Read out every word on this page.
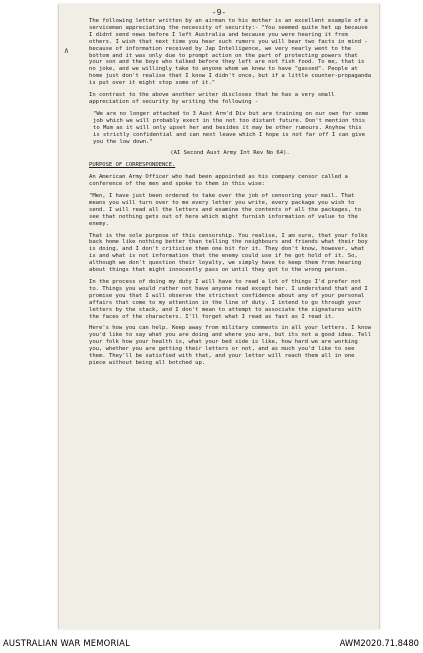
-9-
∧

The following letter written by an airman to his mother is an excellent example of a serviceman appreciating the necessity of security:- "You seemed quite het up because I didnt send news before I left Australia and because you were hearing it from others. I wish that next time you hear such rumors you will bear two facts in mind - because of information received by Jap Intelligence, we very nearly went to the bottom and it was only due to prompt action on the part of protecting powers that your son and the boys who talked before they left are not fish food. To me, that is no joke, and we willingly take to anyone whom we knew to have "gassed". People at home just don't realise that I know I didn't once, but if a little counter-propaganda is put over it might stop some of it."

In contrast to the above another writer discloses that he has a very small appreciation of security by writing the following -

"We are no longer attached to 3 Aust Arm'd Div but are training on our own for some job which we will probably exect in the not too distant future. Don't mention this to Mum as it will only upset her and besides it may be other rumours. Anyhow this is strictly confidential and can next leave which I hope is not far off I can give you the low down."

(AI Second Aust Army Int Rev No 64).

PURPOSE OF CORRESPONDENCE.

An American Army Officer who had been appointed as his company censor called a conference of the men and spoke to them in this wise:

"Men, I have just been ordered to take over the job of censoring your mail. That means you will turn over to me every letter you write, every package you wish to send. I will read all the letters and examine the contents of all the packages, to see that nothing gets out of here which might furnish information of value to the enemy.

That is the sole purpose of this censorship. You realise, I am sure, that your folks back home like nothing better than telling the neighbours and friends what their boy is doing, and I don't criticise them one bit for it. They don't know, however, what is and what is not information that the enemy could use if he got hold of it. So, although we don't question their loyalty, we simply have to keep them from hearing about things that might innocently pass on until they got to the wrong person.

In the process of doing my duty I will have to read a lot of things I'd prefer not to. Things you would rather not have anyone read except her. I understand that and I promise you that I will observe the strictest confidence about any of your personal affairs that come to my attention in the line of duty. I intend to go through your letters by the stack, and I don't mean to attempt to associate the signatures with the faces of the characters. I'll forget what I read as fast as I read it.

Here's how you can help. Keep away from military comments in all your letters. I know you'd like to say what you are doing and where you are, but its not a good idea. Tell your folk how your health is, what your bed side is like, how hard we are working you, whether you are getting their letters or not, and as much you'd like to see them. They'll be satisfied with that, and your letter will reach them all in one piece without being all botched up.

AUSTRALIAN WAR MEMORIAL	AWM2020.71.8480
